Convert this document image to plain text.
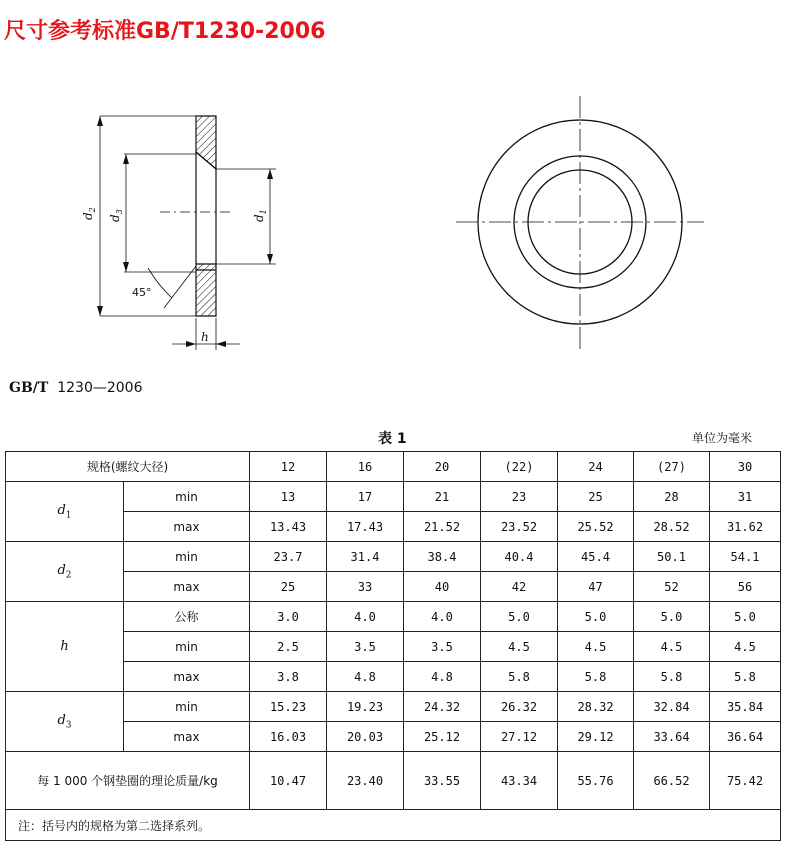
尺寸参考标准GB/T1230-2006
$d_2$
$d_3$
$d_1$
h
45°
GB/T 1230—2006
表 1	单位为毫米
规格(螺纹大径)		12	16	20	(22)	24	(27)	30
$d_1$	min	13	17	21	23	25	28	31
	max	13.43	17.43	21.52	23.52	25.52	28.52	31.62
$d_2$	min	23.7	31.4	38.4	40.4	45.4	50.1	54.1
	max	25	33	40	42	47	52	56
h	公称	3.0	4.0	4.0	5.0	5.0	5.0	5.0
	min	2.5	3.5	3.5	4.5	4.5	4.5	4.5
	max	3.8	4.8	4.8	5.8	5.8	5.8	5.8
$d_3$	min	15.23	19.23	24.32	26.32	28.32	32.84	35.84
	max	16.03	20.03	25.12	27.12	29.12	33.64	36.64
每 1 000 个钢垫圈的理论质量/kg		10.47	23.40	33.55	43.34	55.76	66.52	75.42
注：括号内的规格为第二选择系列。								
